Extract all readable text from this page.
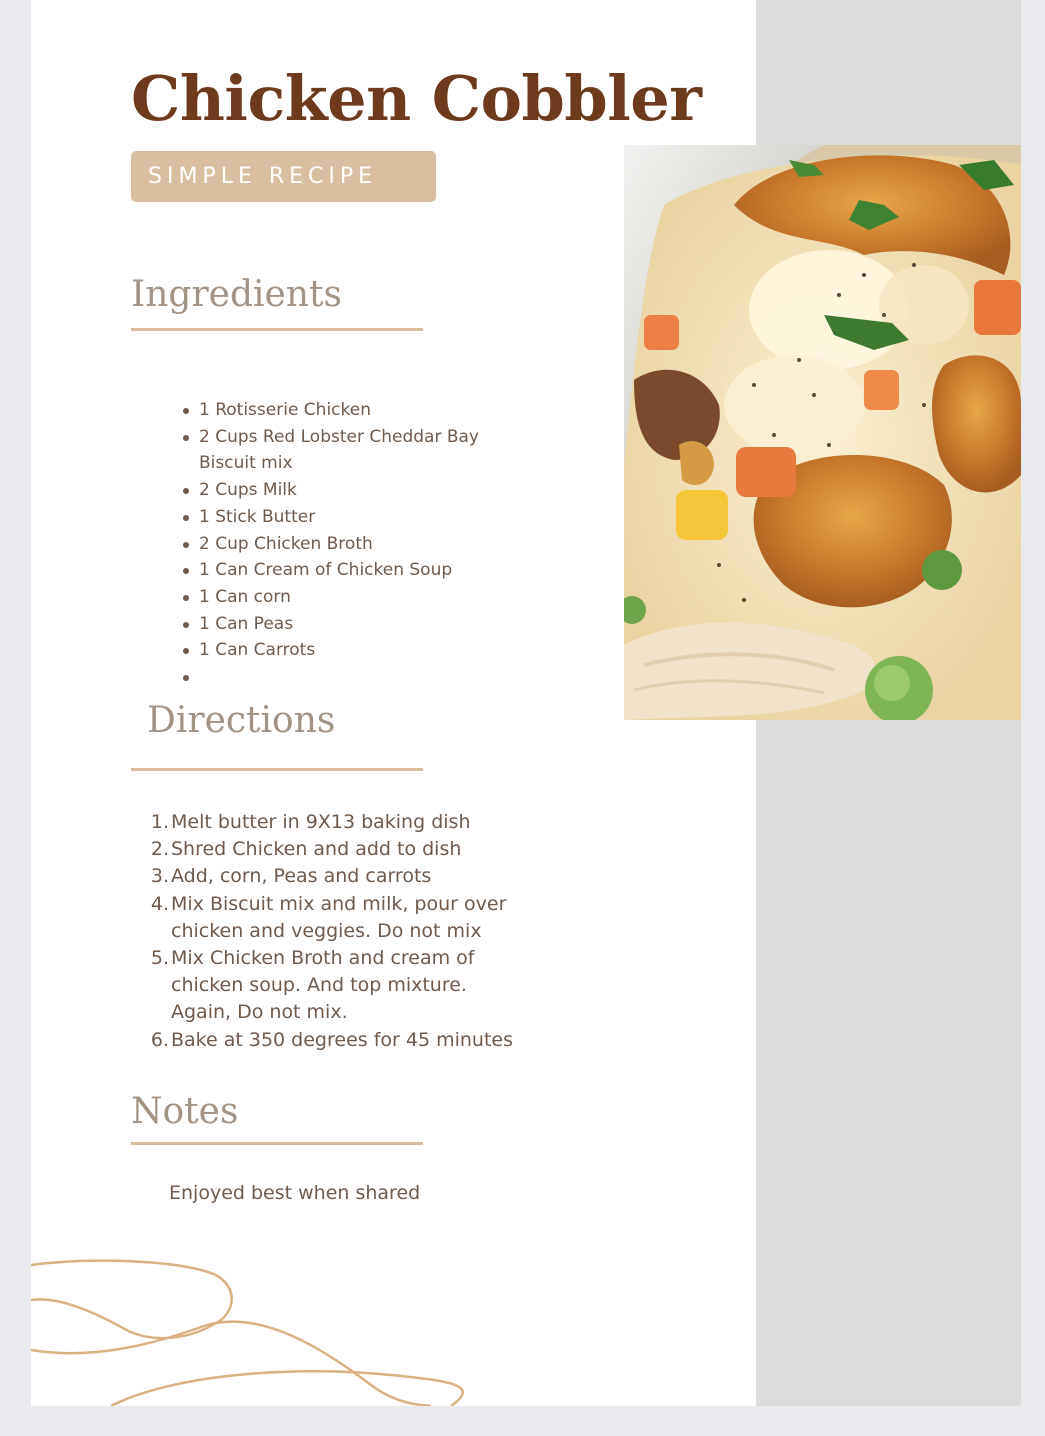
Chicken Cobbler
SIMPLE RECIPE
Ingredients
1 Rotisserie Chicken
2 Cups Red Lobster Cheddar Bay Biscuit mix
2 Cups Milk
1 Stick Butter
2 Cup Chicken Broth
1 Can Cream of Chicken Soup
1 Can corn
1 Can Peas
1 Can Carrots
Directions
1. Melt butter in 9X13 baking dish
2. Shred Chicken and add to dish
3. Add, corn, Peas and carrots
4. Mix Biscuit mix and milk, pour over chicken and veggies. Do not mix
5. Mix Chicken Broth and cream of chicken soup. And top mixture. Again, Do not mix.
6. Bake at 350 degrees for 45 minutes
Notes
Enjoyed best when shared
